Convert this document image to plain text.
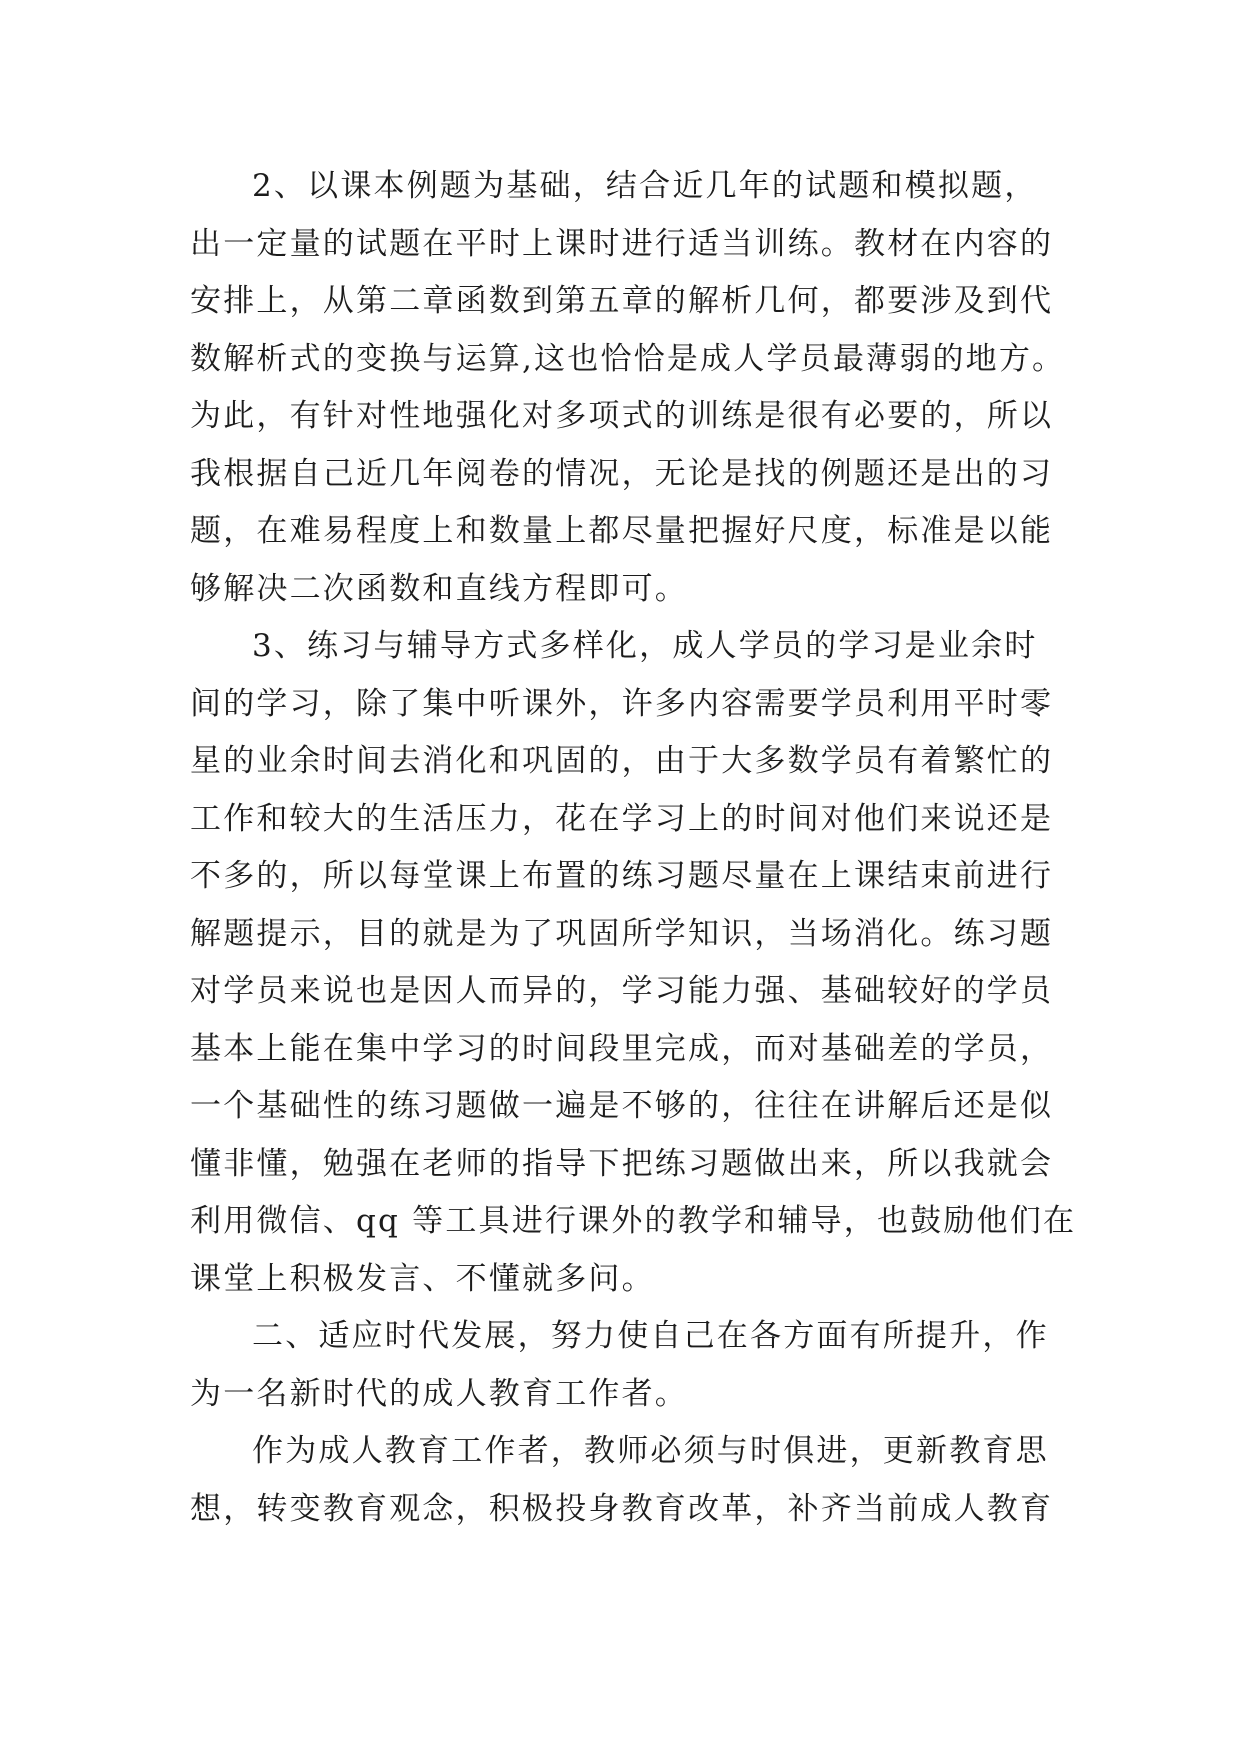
2、以课本例题为基础，结合近几年的试题和模拟题，
出一定量的试题在平时上课时进行适当训练。教材在内容的
安排上，从第二章函数到第五章的解析几何，都要涉及到代
数解析式的变换与运算,这也恰恰是成人学员最薄弱的地方。
为此，有针对性地强化对多项式的训练是很有必要的，所以
我根据自己近几年阅卷的情况，无论是找的例题还是出的习
题，在难易程度上和数量上都尽量把握好尺度，标准是以能
够解决二次函数和直线方程即可。
3、练习与辅导方式多样化，成人学员的学习是业余时
间的学习，除了集中听课外，许多内容需要学员利用平时零
星的业余时间去消化和巩固的，由于大多数学员有着繁忙的
工作和较大的生活压力，花在学习上的时间对他们来说还是
不多的，所以每堂课上布置的练习题尽量在上课结束前进行
解题提示，目的就是为了巩固所学知识，当场消化。练习题
对学员来说也是因人而异的，学习能力强、基础较好的学员
基本上能在集中学习的时间段里完成，而对基础差的学员，
一个基础性的练习题做一遍是不够的，往往在讲解后还是似
懂非懂，勉强在老师的指导下把练习题做出来，所以我就会
利用微信、qq 等工具进行课外的教学和辅导，也鼓励他们在
课堂上积极发言、不懂就多问。
二、适应时代发展，努力使自己在各方面有所提升，作
为一名新时代的成人教育工作者。
作为成人教育工作者，教师必须与时俱进，更新教育思
想，转变教育观念，积极投身教育改革，补齐当前成人教育
